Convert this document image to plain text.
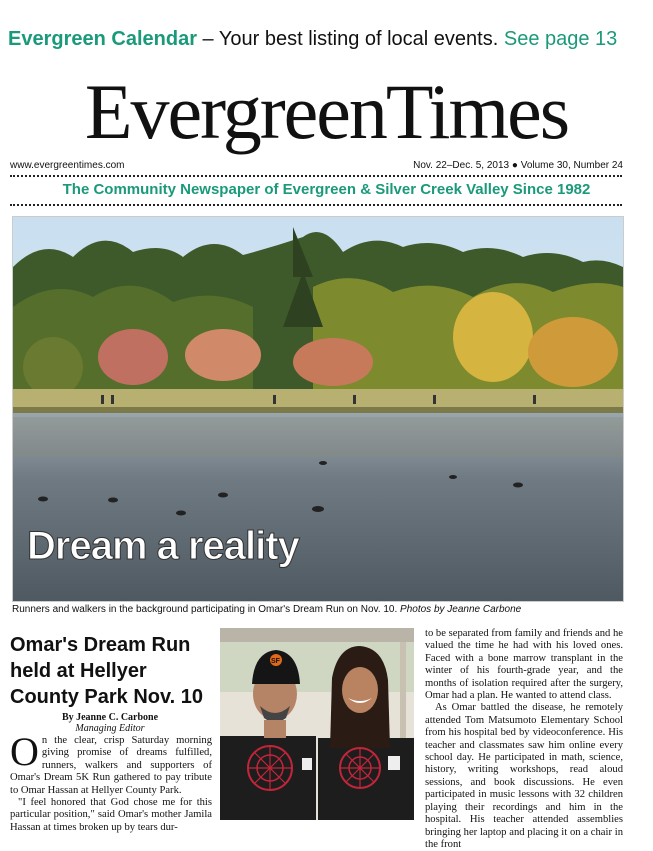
Evergreen Calendar – Your best listing of local events. See page 13
EvergreenTimes
www.evergreentimes.com	Nov. 22–Dec. 5, 2013 ● Volume 30, Number 24
The Community Newspaper of Evergreen & Silver Creek Valley Since 1982
Dream a reality
Runners and walkers in the background participating in Omar's Dream Run on Nov. 10. Photos by Jeanne Carbone
Omar's Dream Run held at Hellyer County Park Nov. 10
By Jeanne C. Carbone
Managing Editor

On the clear, crisp Saturday morning giving promise of dreams fulfilled, runners, walkers and supporters of Omar's Dream 5K Run gathered to pay tribute to Omar Hassan at Hellyer County Park.

"I feel honored that God chose me for this particular position," said Omar's mother Jamila Hassan at times broken up by tears dur-

SF

to be separated from family and friends and he valued the time he had with his loved ones. Faced with a bone marrow transplant in the winter of his fourth-grade year, and the months of isolation required after the surgery, Omar had a plan. He wanted to attend class.

As Omar battled the disease, he remotely attended Tom Matsumoto Elementary School from his hospital bed by videoconference. His teacher and classmates saw him online every school day. He participated in math, science, history, writing workshops, read aloud sessions, and book discussions. He even participated in music lessons with 32 children playing their recordings and him in the hospital. His teacher attended assemblies bringing her laptop and placing it on a chair in the front
